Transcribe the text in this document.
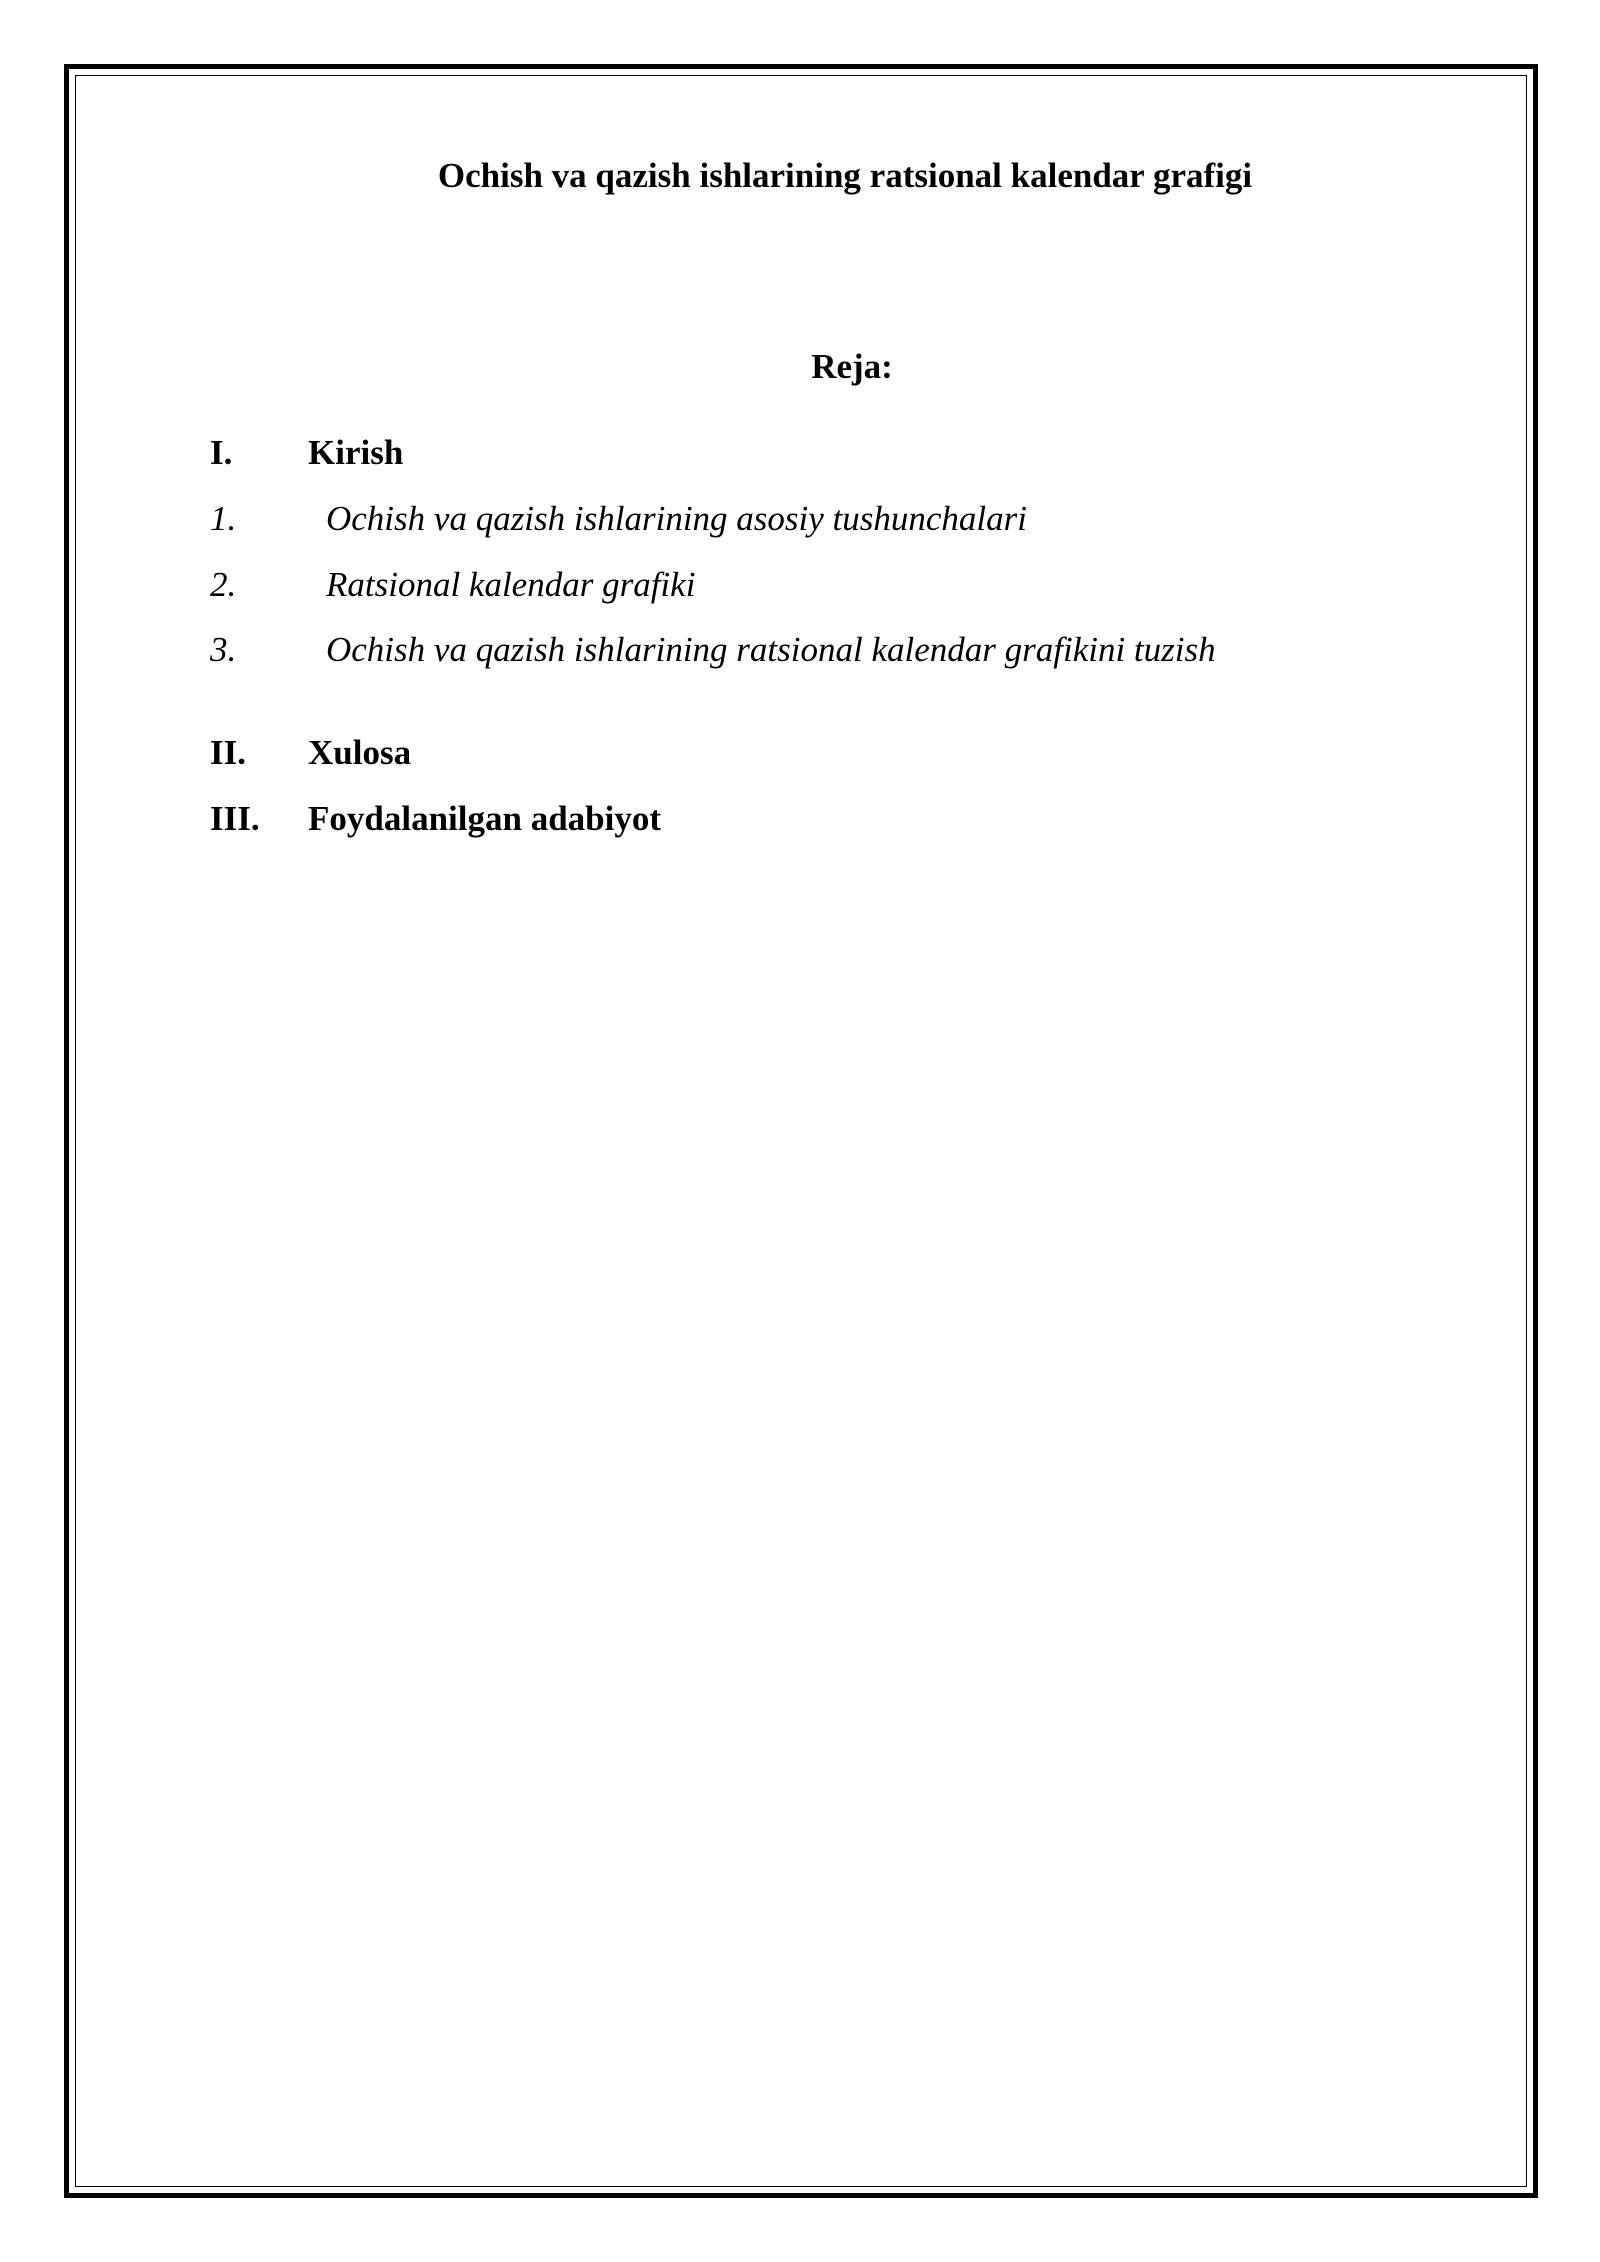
Ochish va qazish ishlarining ratsional kalendar grafigi
Reja:
I. Kirish
1.	Ochish va qazish ishlarining asosiy tushunchalari
2.	Ratsional kalendar grafiki
3.	Ochish va qazish ishlarining ratsional kalendar grafikini tuzish
II. Xulosa
III. Foydalanilgan adabiyot
